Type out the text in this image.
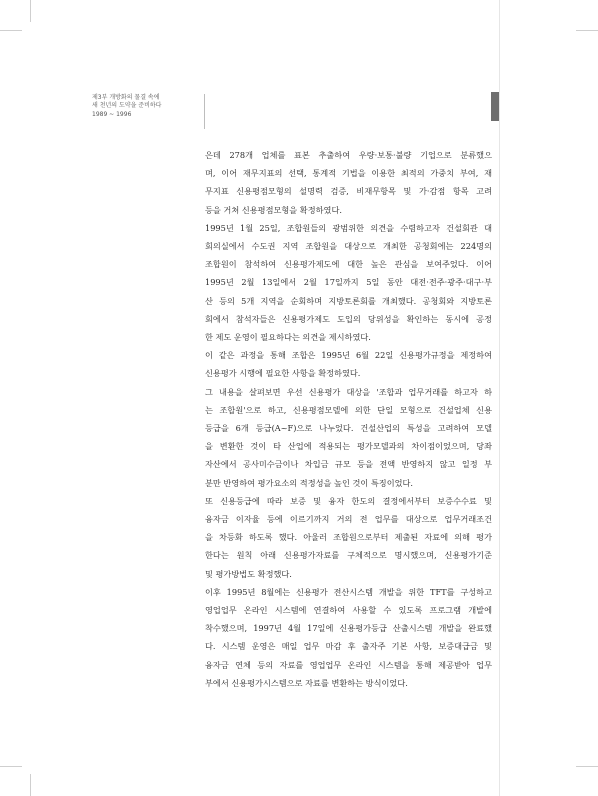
제3부 개방화의 물결 속에
새 천년의 도약을 준비하다
1989 ~ 1996
은데 278개 업체를 표본 추출하여 우량·보통·불량 기업으로 분류했으
며, 이어 재무지표의 선택, 통계적 기법을 이용한 최적의 가중치 부여, 재
무지표 신용평점모형의 설명력 검증, 비재무항목 및 가·감점 항목 고려
등을 거쳐 신용평점모형을 확정하였다.
1995년 1월 25일, 조합원들의 광범위한 의견을 수렴하고자 건설회관 대
회의실에서 수도권 지역 조합원을 대상으로 개최한 공청회에는 224명의
조합원이 참석하여 신용평가제도에 대한 높은 관심을 보여주었다. 이어
1995년 2월 13일에서 2월 17일까지 5일 동안 대전·전주·광주·대구·부
산 등의 5개 지역을 순회하며 지방토론회를 개최했다. 공청회와 지방토론
회에서 참석자들은 신용평가제도 도입의 당위성을 확인하는 동시에 공정
한 제도 운영이 필요하다는 의견을 제시하였다.
이 같은 과정을 통해 조합은 1995년 6월 22일 신용평가규정을 제정하여
신용평가 시행에 필요한 사항을 확정하였다.
그 내용을 살펴보면 우선 신용평가 대상을 '조합과 업무거래를 하고자 하
는 조합원'으로 하고, 신용평점모델에 의한 단일 모형으로 건설업체 신용
등급을 6개 등급(A~F)으로 나누었다. 건설산업의 특성을 고려하여 모델
을 변환한 것이 타 산업에 적용되는 평가모델과의 차이점이었으며, 당좌
자산에서 공사미수금이나 차입금 규모 등을 전액 반영하지 않고 일정 부
분만 반영하여 평가요소의 적정성을 높인 것이 특징이었다.
또 신용등급에 따라 보증 및 융자 한도의 결정에서부터 보증수수료 및
융자금 이자율 등에 이르기까지 거의 전 업무를 대상으로 업무거래조건
을 차등화 하도록 했다. 아울러 조합원으로부터 제출된 자료에 의해 평가
한다는 원칙 아래 신용평가자료를 구체적으로 명시했으며, 신용평가기준
및 평가방법도 확정했다.
이후 1995년 8월에는 신용평가 전산시스템 개발을 위한 TFT를 구성하고
영업업무 온라인 시스템에 연결하여 사용할 수 있도록 프로그램 개발에
착수했으며, 1997년 4월 17일에 신용평가등급 산출시스템 개발을 완료했
다. 시스템 운영은 매일 업무 마감 후 출자주 기본 사항, 보증대급금 및
융자금 연체 등의 자료를 영업업무 온라인 시스템을 통해 제공받아 업무
부에서 신용평가시스템으로 자료를 변환하는 방식이었다.
